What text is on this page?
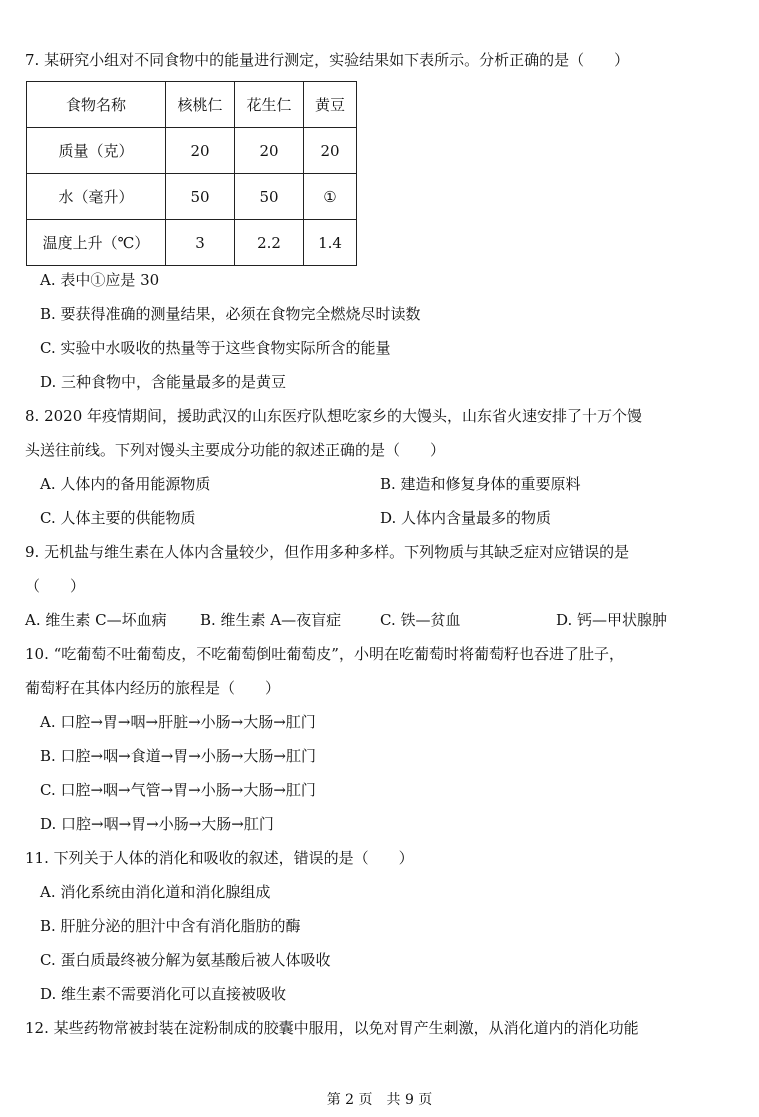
7. 某研究小组对不同食物中的能量进行测定，实验结果如下表所示。分析正确的是（　　）
食物名称	核桃仁	花生仁	黄豆
质量（克）	20	20	20
水（毫升）	50	50	①
温度上升（℃）	3	2.2	1.4
A. 表中①应是 30
B. 要获得准确的测量结果，必须在食物完全燃烧尽时读数
C. 实验中水吸收的热量等于这些食物实际所含的能量
D. 三种食物中，含能量最多的是黄豆
8. 2020 年疫情期间，援助武汉的山东医疗队想吃家乡的大馒头，山东省火速安排了十万个馒
头送往前线。下列对馒头主要成分功能的叙述正确的是（　　）
A. 人体内的备用能源物质	B. 建造和修复身体的重要原料
C. 人体主要的供能物质	D. 人体内含量最多的物质
9. 无机盐与维生素在人体内含量较少，但作用多种多样。下列物质与其缺乏症对应错误的是
（　　）
A. 维生素 C—坏血病 B. 维生素 A—夜盲症	C. 铁—贫血	D. 钙—甲状腺肿
10. “吃葡萄不吐葡萄皮，不吃葡萄倒吐葡萄皮”，小明在吃葡萄时将葡萄籽也吞进了肚子，
葡萄籽在其体内经历的旅程是（　　）
A. 口腔→胃→咽→肝脏→小肠→大肠→肛门
B. 口腔→咽→食道→胃→小肠→大肠→肛门
C. 口腔→咽→气管→胃→小肠→大肠→肛门
D. 口腔→咽→胃→小肠→大肠→肛门
11. 下列关于人体的消化和吸收的叙述，错误的是（　　）
A. 消化系统由消化道和消化腺组成
B. 肝脏分泌的胆汁中含有消化脂肪的酶
C. 蛋白质最终被分解为氨基酸后被人体吸收
D. 维生素不需要消化可以直接被吸收
12. 某些药物常被封装在淀粉制成的胶囊中服用，以免对胃产生刺激，从消化道内的消化功能
第 2 页　共 9 页
